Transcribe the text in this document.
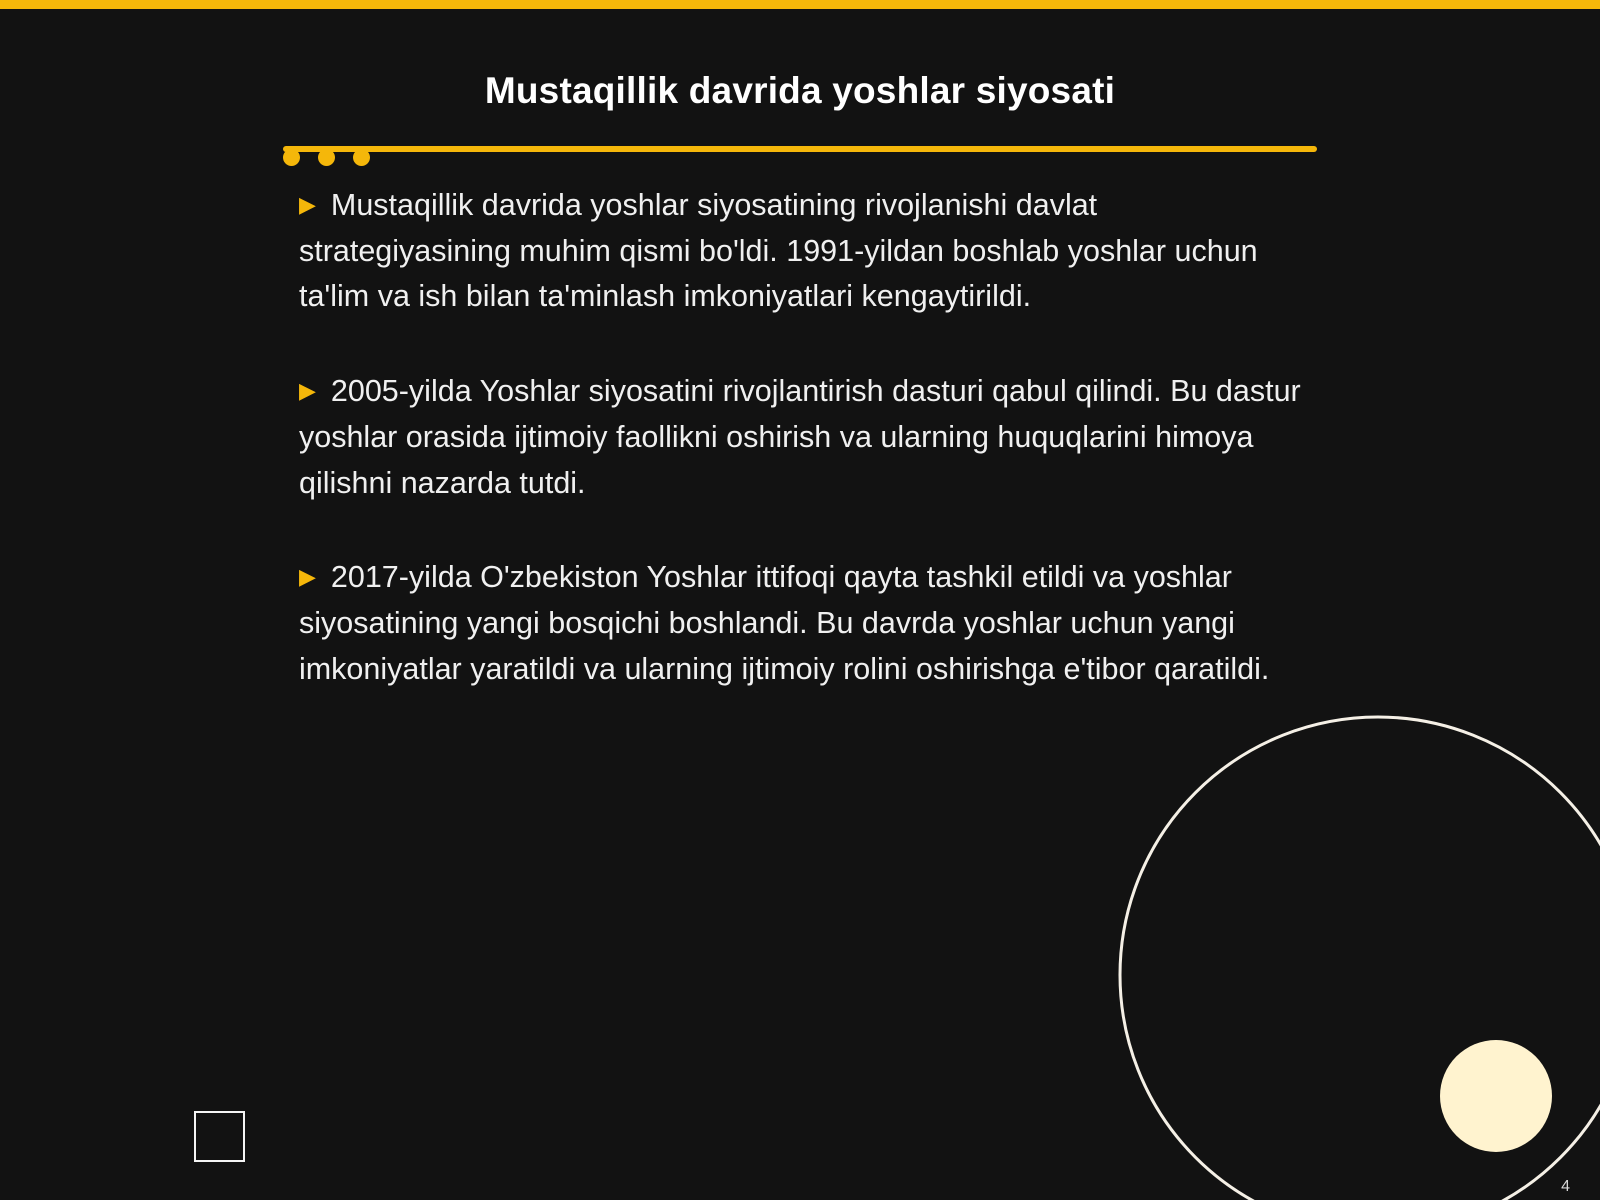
Mustaqillik davrida yoshlar siyosati
▶ Mustaqillik davrida yoshlar siyosatining rivojlanishi davlat strategiyasining muhim qismi bo'ldi. 1991-yildan boshlab yoshlar uchun ta'lim va ish bilan ta'minlash imkoniyatlari kengaytirildi.
▶ 2005-yilda Yoshlar siyosatini rivojlantirish dasturi qabul qilindi. Bu dastur yoshlar orasida ijtimoiy faollikni oshirish va ularning huquqlarini himoya qilishni nazarda tutdi.
▶ 2017-yilda O'zbekiston Yoshlar ittifoqi qayta tashkil etildi va yoshlar siyosatining yangi bosqichi boshlandi. Bu davrda yoshlar uchun yangi imkoniyatlar yaratildi va ularning ijtimoiy rolini oshirishga e'tibor qaratildi.
4
